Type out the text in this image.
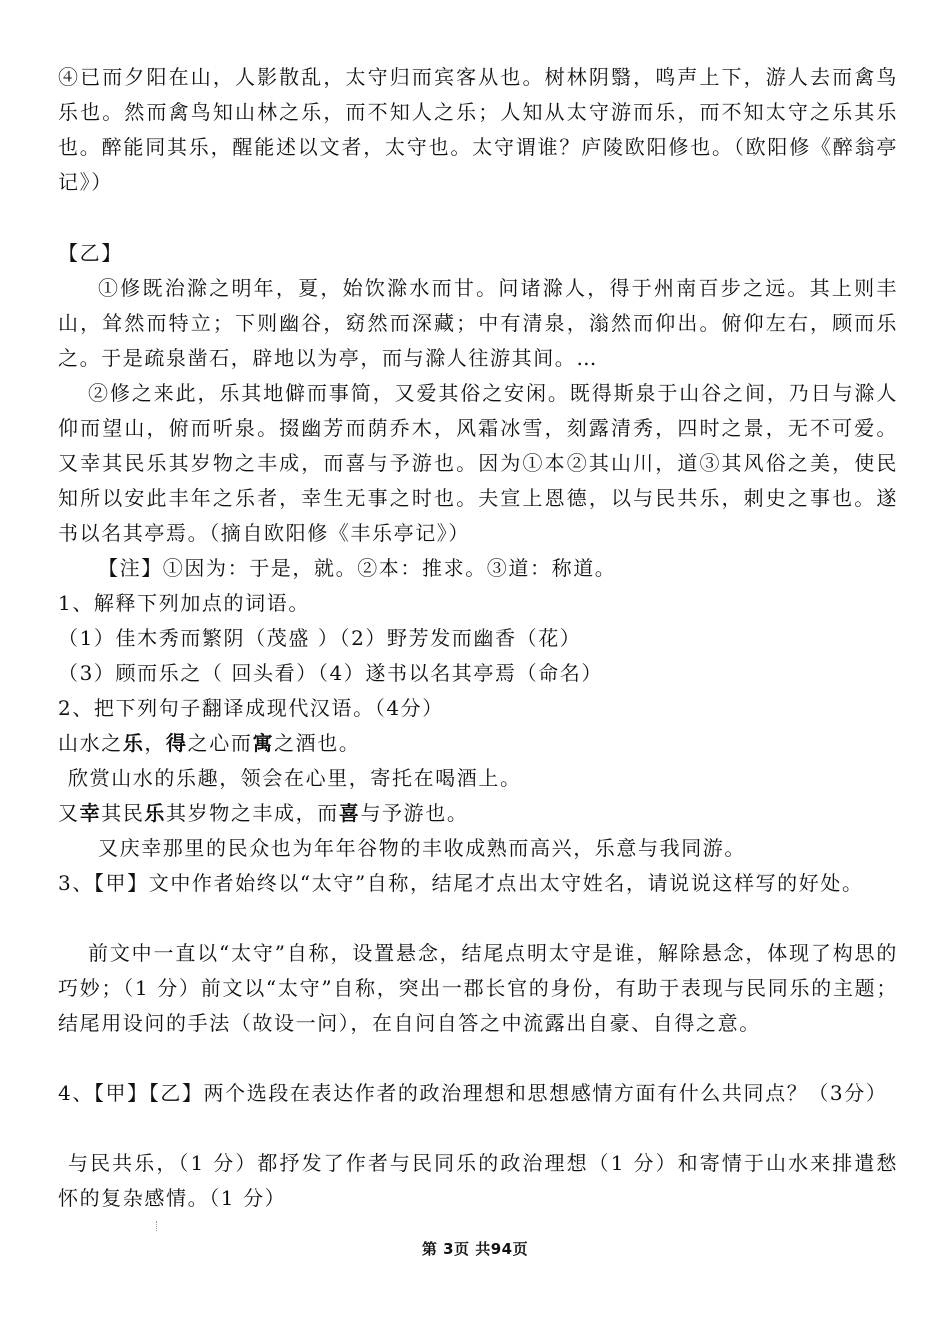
④已而夕阳在山，人影散乱，太守归而宾客从也。树林阴翳，鸣声上下，游人去而禽鸟乐也。然而禽鸟知山林之乐，而不知人之乐；人知从太守游而乐，而不知太守之乐其乐也。醉能同其乐，醒能述以文者，太守也。太守谓谁？庐陵欧阳修也。（欧阳修《醉翁亭记》）
【乙】
①修既治滁之明年，夏，始饮滁水而甘。问诸滁人，得于州南百步之远。其上则丰山，耸然而特立；下则幽谷，窈然而深藏；中有清泉，滃然而仰出。俯仰左右，顾而乐之。于是疏泉凿石，辟地以为亭，而与滁人往游其间。…
②修之来此，乐其地僻而事简，又爱其俗之安闲。既得斯泉于山谷之间，乃日与滁人仰而望山，俯而听泉。掇幽芳而荫乔木，风霜冰雪，刻露清秀，四时之景，无不可爱。又幸其民乐其岁物之丰成，而喜与予游也。因为①本②其山川，道③其风俗之美，使民知所以安此丰年之乐者，幸生无事之时也。夫宣上恩德，以与民共乐，刺史之事也。遂书以名其亭焉。（摘自欧阳修《丰乐亭记》）
【注】①因为：于是，就。②本：推求。③道：称道。
1、解释下列加点的词语。
（1）佳木秀而繁阴（茂盛 ）（2）野芳发而幽香（花）
（3）顾而乐之（ 回头看）（4）遂书以名其亭焉（命名）
2、把下列句子翻译成现代汉语。（4分）
山水之乐，得之心而寓之酒也。
欣赏山水的乐趣，领会在心里，寄托在喝酒上。
又幸其民乐其岁物之丰成，而喜与予游也。
又庆幸那里的民众也为年年谷物的丰收成熟而高兴，乐意与我同游。
3、【甲】文中作者始终以“太守”自称，结尾才点出太守姓名，请说说这样写的好处。
前文中一直以“太守”自称，设置悬念，结尾点明太守是谁，解除悬念，体现了构思的巧妙；（1 分）前文以“太守”自称，突出一郡长官的身份，有助于表现与民同乐的主题；结尾用设问的手法（故设一问），在自问自答之中流露出自豪、自得之意。
4、【甲】【乙】两个选段在表达作者的政治理想和思想感情方面有什么共同点？（3分）
与民共乐，（1 分）都抒发了作者与民同乐的政治理想（1 分）和寄情于山水来排遣愁怀的复杂感情。（1 分）
第 3页 共94页
